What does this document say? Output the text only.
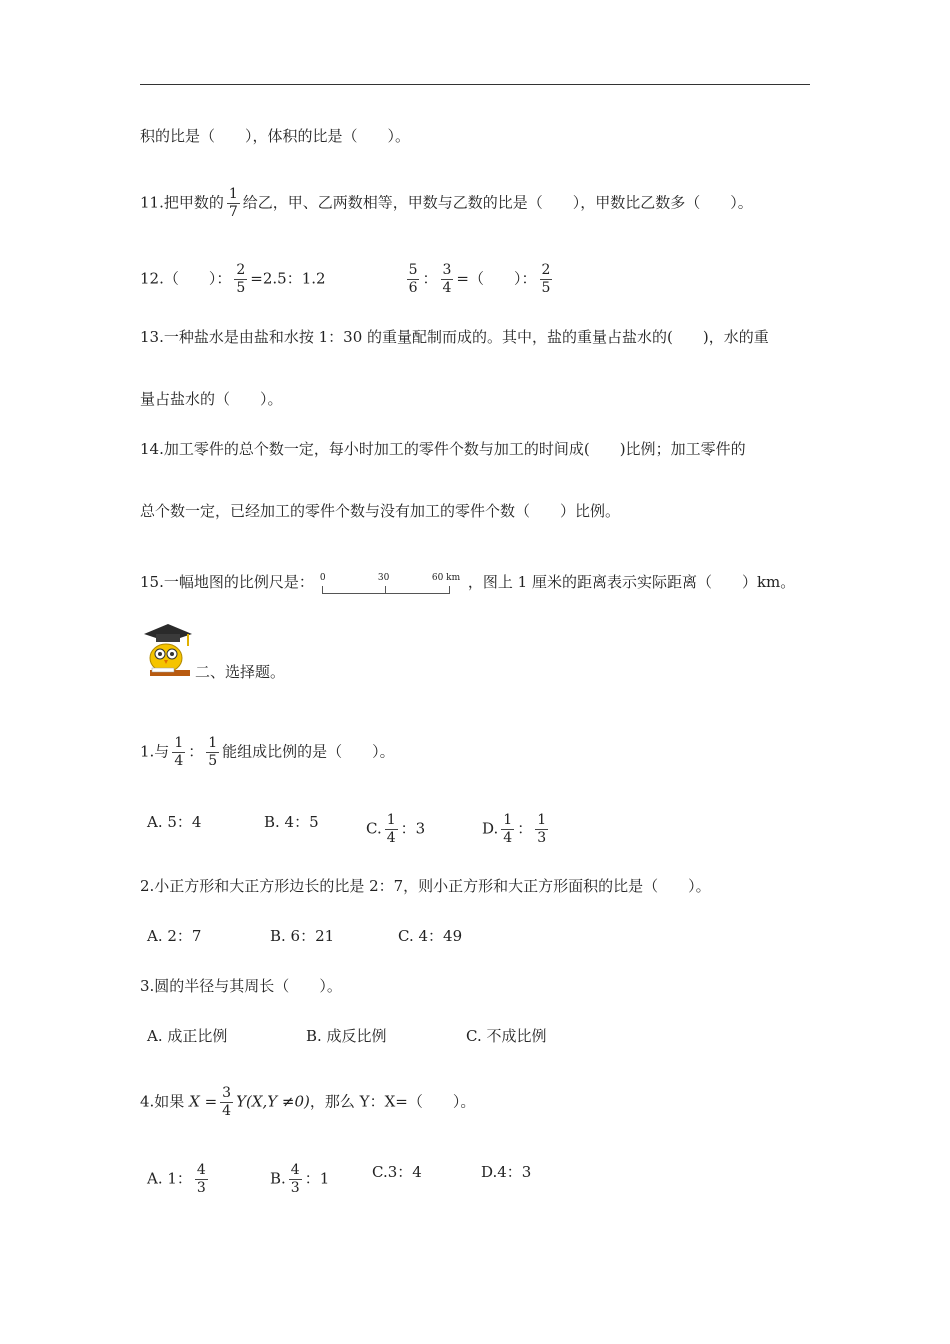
积的比是（　　），体积的比是（　　）。
11.把甲数的 $\frac{1}{7}$ 给乙，甲、乙两数相等，甲数与乙数的比是（　　），甲数比乙数多（　　）。
12.（　　）： $\frac{2}{5} =2.5$：1.2	$\frac{5}{6}$ ： $\frac{3}{4}$ =（　　）： $\frac{2}{5}$
13.一种盐水是由盐和水按 1：30 的重量配制而成的。其中，盐的重量占盐水的(　　)，水的重
量占盐水的（　　）。
14.加工零件的总个数一定，每小时加工的零件个数与加工的时间成(　　)比例；加工零件的
总个数一定，已经加工的零件个数与没有加工的零件个数（　　）比例。
15.一幅地图的比例尺是： 0	30	60 km ，图上 1 厘米的距离表示实际距离（　　）km。
二、选择题。
1.与 $\frac{1}{4}$ ： $\frac{1}{5}$ 能组成比例的是（　　）。
A. 5：4	B. 4：5	C. $\frac{1}{4}$ ：3	D. $\frac{1}{4}$ ： $\frac{1}{3}$
2.小正方形和大正方形边长的比是 2：7，则小正方形和大正方形面积的比是（　　）。
A. 2：7	B. 6：21	C. 4：49
3.圆的半径与其周长（　　）。
A. 成正比例	B. 成反比例	C. 不成比例
4.如果 $X = \frac{3}{4} Y(X,Y \ne 0)$，那么 Y：X=（　　）。
A. 1： $\frac{4}{3}$	B. $\frac{4}{3}$ ：1	C.3：4	D.4：3
